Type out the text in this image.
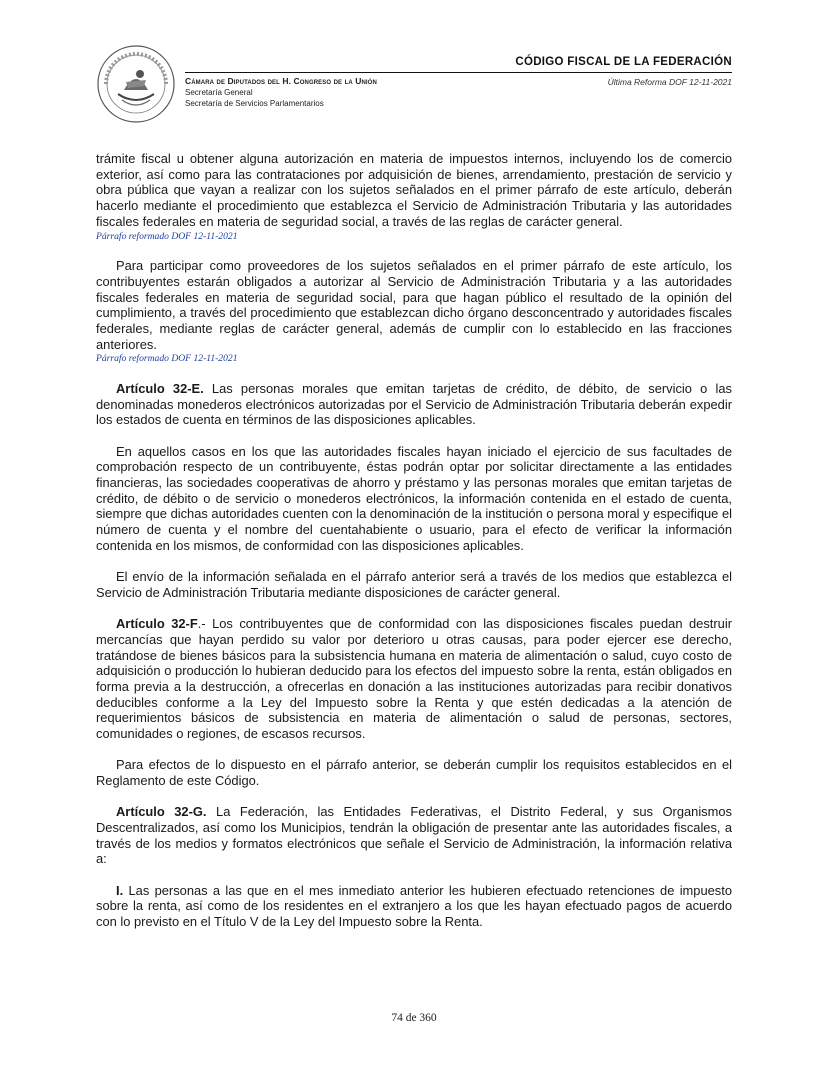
CÓDIGO FISCAL DE LA FEDERACIÓN
Última Reforma DOF 12-11-2021
Cámara de Diputados del H. Congreso de la Unión
Secretaría General
Secretaría de Servicios Parlamentarios

trámite fiscal u obtener alguna autorización en materia de impuestos internos, incluyendo los de comercio exterior, así como para las contrataciones por adquisición de bienes, arrendamiento, prestación de servicio y obra pública que vayan a realizar con los sujetos señalados en el primer párrafo de este artículo, deberán hacerlo mediante el procedimiento que establezca el Servicio de Administración Tributaria y las autoridades fiscales federales en materia de seguridad social, a través de las reglas de carácter general.

Párrafo reformado DOF 12-11-2021

Para participar como proveedores de los sujetos señalados en el primer párrafo de este artículo, los contribuyentes estarán obligados a autorizar al Servicio de Administración Tributaria y a las autoridades fiscales federales en materia de seguridad social, para que hagan público el resultado de la opinión del cumplimiento, a través del procedimiento que establezcan dicho órgano desconcentrado y autoridades fiscales federales, mediante reglas de carácter general, además de cumplir con lo establecido en las fracciones anteriores.

Párrafo reformado DOF 12-11-2021

Artículo 32-E. Las personas morales que emitan tarjetas de crédito, de débito, de servicio o las denominadas monederos electrónicos autorizadas por el Servicio de Administración Tributaria deberán expedir los estados de cuenta en términos de las disposiciones aplicables.

En aquellos casos en los que las autoridades fiscales hayan iniciado el ejercicio de sus facultades de comprobación respecto de un contribuyente, éstas podrán optar por solicitar directamente a las entidades financieras, las sociedades cooperativas de ahorro y préstamo y las personas morales que emitan tarjetas de crédito, de débito o de servicio o monederos electrónicos, la información contenida en el estado de cuenta, siempre que dichas autoridades cuenten con la denominación de la institución o persona moral y especifique el número de cuenta y el nombre del cuentahabiente o usuario, para el efecto de verificar la información contenida en los mismos, de conformidad con las disposiciones aplicables.

El envío de la información señalada en el párrafo anterior será a través de los medios que establezca el Servicio de Administración Tributaria mediante disposiciones de carácter general.

Artículo 32-F.- Los contribuyentes que de conformidad con las disposiciones fiscales puedan destruir mercancías que hayan perdido su valor por deterioro u otras causas, para poder ejercer ese derecho, tratándose de bienes básicos para la subsistencia humana en materia de alimentación o salud, cuyo costo de adquisición o producción lo hubieran deducido para los efectos del impuesto sobre la renta, están obligados en forma previa a la destrucción, a ofrecerlas en donación a las instituciones autorizadas para recibir donativos deducibles conforme a la Ley del Impuesto sobre la Renta y que estén dedicadas a la atención de requerimientos básicos de subsistencia en materia de alimentación o salud de personas, sectores, comunidades o regiones, de escasos recursos.

Para efectos de lo dispuesto en el párrafo anterior, se deberán cumplir los requisitos establecidos en el Reglamento de este Código.

Artículo 32-G. La Federación, las Entidades Federativas, el Distrito Federal, y sus Organismos Descentralizados, así como los Municipios, tendrán la obligación de presentar ante las autoridades fiscales, a través de los medios y formatos electrónicos que señale el Servicio de Administración, la información relativa a:

I. Las personas a las que en el mes inmediato anterior les hubieren efectuado retenciones de impuesto sobre la renta, así como de los residentes en el extranjero a los que les hayan efectuado pagos de acuerdo con lo previsto en el Título V de la Ley del Impuesto sobre la Renta.

74 de 360
